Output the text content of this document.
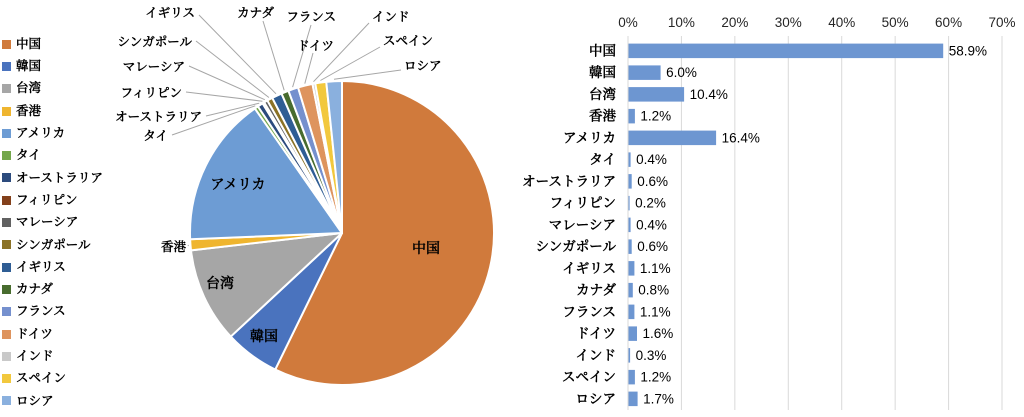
中国
韓国
台湾
香港
アメリカ
タイ
オーストラリア
フィリピン
マレーシア
シンガポール
イギリス
カナダ
フランス
ドイツ
インド
スペイン
ロシア
香港
タイ
オーストラリア
フィリピン
マレーシア
シンガポール
イギリス	カナダ フランス
ドイツ
インド
スペイン
ロシア
中国
韓国
台湾
アメリカ
0% 10% 20% 30% 40% 50% 60% 70%
中国	58.9%
韓国	6.0%
台湾	10.4%
香港 1.2%
アメリカ	16.4%
タイ 0.4%
オーストラリア 0.6%
フィリピン 0.2%
マレーシア 0.4%
シンガポール 0.6%
イギリス 1.1%
カナダ 0.8%
フランス 1.1%
ドイツ 1.6%
インド 0.3%
スペイン 1.2%
ロシア 1.7%
